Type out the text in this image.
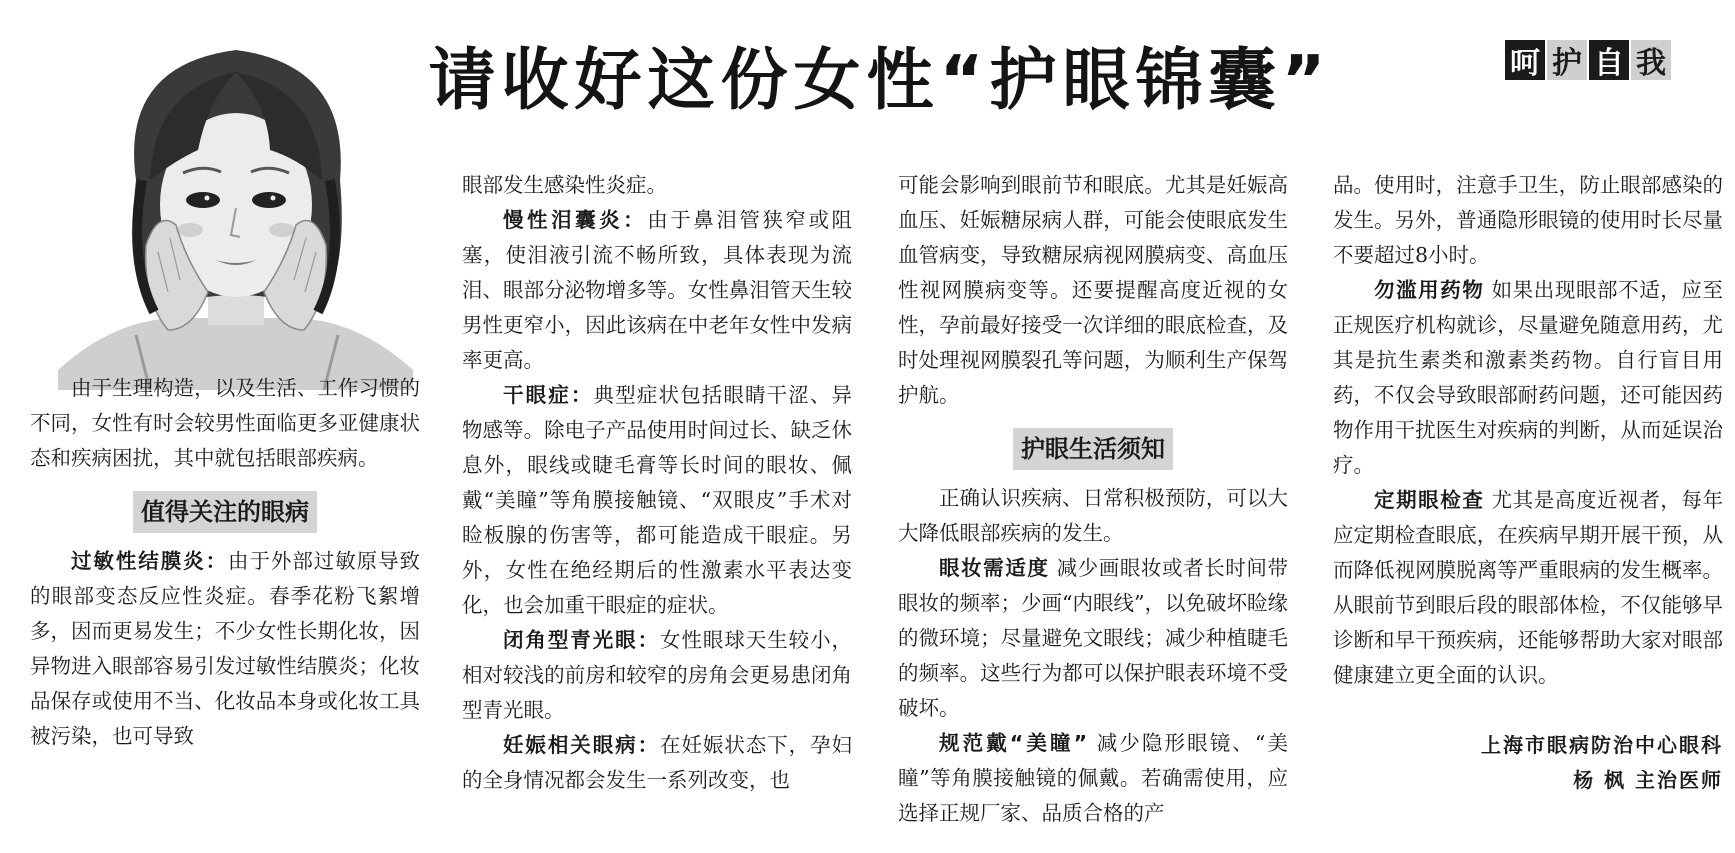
请收好这份女性“护眼锦囊”	呵 护 自 我

由于生理构造，以及生活、工作习惯的不同，女性有时会较男性面临更多亚健康状态和疾病困扰，其中就包括眼部疾病。

值得关注的眼病

过敏性结膜炎：由于外部过敏原导致的眼部变态反应性炎症。春季花粉飞絮增多，因而更易发生；不少女性长期化妆，因异物进入眼部容易引发过敏性结膜炎；化妆品保存或使用不当、化妆品本身或化妆工具被污染，也可导致

眼部发生感染性炎症。

慢性泪囊炎：由于鼻泪管狭窄或阻塞，使泪液引流不畅所致，具体表现为流泪、眼部分泌物增多等。女性鼻泪管天生较男性更窄小，因此该病在中老年女性中发病率更高。

干眼症：典型症状包括眼睛干涩、异物感等。除电子产品使用时间过长、缺乏休息外，眼线或睫毛膏等长时间的眼妆、佩戴“美瞳”等角膜接触镜、“双眼皮”手术对睑板腺的伤害等，都可能造成干眼症。另外，女性在绝经期后的性激素水平表达变化，也会加重干眼症的症状。

闭角型青光眼：女性眼球天生较小，相对较浅的前房和较窄的房角会更易患闭角型青光眼。

妊娠相关眼病：在妊娠状态下，孕妇的全身情况都会发生一系列改变，也

可能会影响到眼前节和眼底。尤其是妊娠高血压、妊娠糖尿病人群，可能会使眼底发生血管病变，导致糖尿病视网膜病变、高血压性视网膜病变等。还要提醒高度近视的女性，孕前最好接受一次详细的眼底检查，及时处理视网膜裂孔等问题，为顺利生产保驾护航。

护眼生活须知

正确认识疾病、日常积极预防，可以大大降低眼部疾病的发生。

眼妆需适度 减少画眼妆或者长时间带眼妆的频率；少画“内眼线”，以免破坏睑缘的微环境；尽量避免文眼线；减少种植睫毛的频率。这些行为都可以保护眼表环境不受破坏。

规范戴“美瞳” 减少隐形眼镜、“美瞳”等角膜接触镜的佩戴。若确需使用，应选择正规厂家、品质合格的产

品。使用时，注意手卫生，防止眼部感染的发生。另外，普通隐形眼镜的使用时长尽量不要超过8小时。

勿滥用药物 如果出现眼部不适，应至正规医疗机构就诊，尽量避免随意用药，尤其是抗生素类和激素类药物。自行盲目用药，不仅会导致眼部耐药问题，还可能因药物作用干扰医生对疾病的判断，从而延误治疗。

定期眼检查 尤其是高度近视者，每年应定期检查眼底，在疾病早期开展干预，从而降低视网膜脱离等严重眼病的发生概率。从眼前节到眼后段的眼部体检，不仅能够早诊断和早干预疾病，还能够帮助大家对眼部健康建立更全面的认识。

上海市眼病防治中心眼科
杨 枫 主治医师
